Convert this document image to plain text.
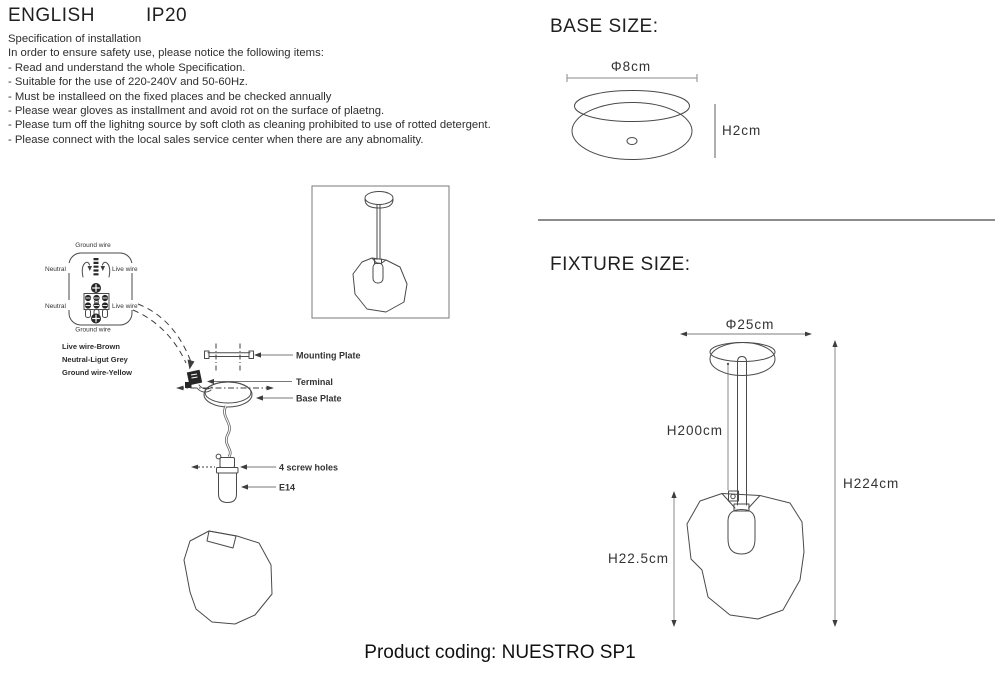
ENGLISH	IP20
Specification of installation
In order to ensure safety use, please notice the following items:
- Read and understand the whole Specification.
- Suitable for the use of 220-240V and 50-60Hz.
- Must be installeed on the fixed places and be checked annually
- Please wear gloves as installment and avoid rot on the surface of plaetng.
- Please tum off the lighitng source by soft cloth as cleaning prohibited to use of rotted detergent.
- Please connect with the local sales service center when there are any abnomality.
Ground wire
Neutral	Live wire
Neutral	Live wire
Ground wire
Live wire-Brown
Neutral-Ligut Grey
Ground wire-Yellow
Mounting Plate
Terminal
Base Plate
4 screw holes
E14
BASE SIZE:
Φ8cm
H2cm
FIXTURE SIZE:
Φ25cm
H200cm
H22.5cm
H224cm
Product coding: NUESTRO SP1
